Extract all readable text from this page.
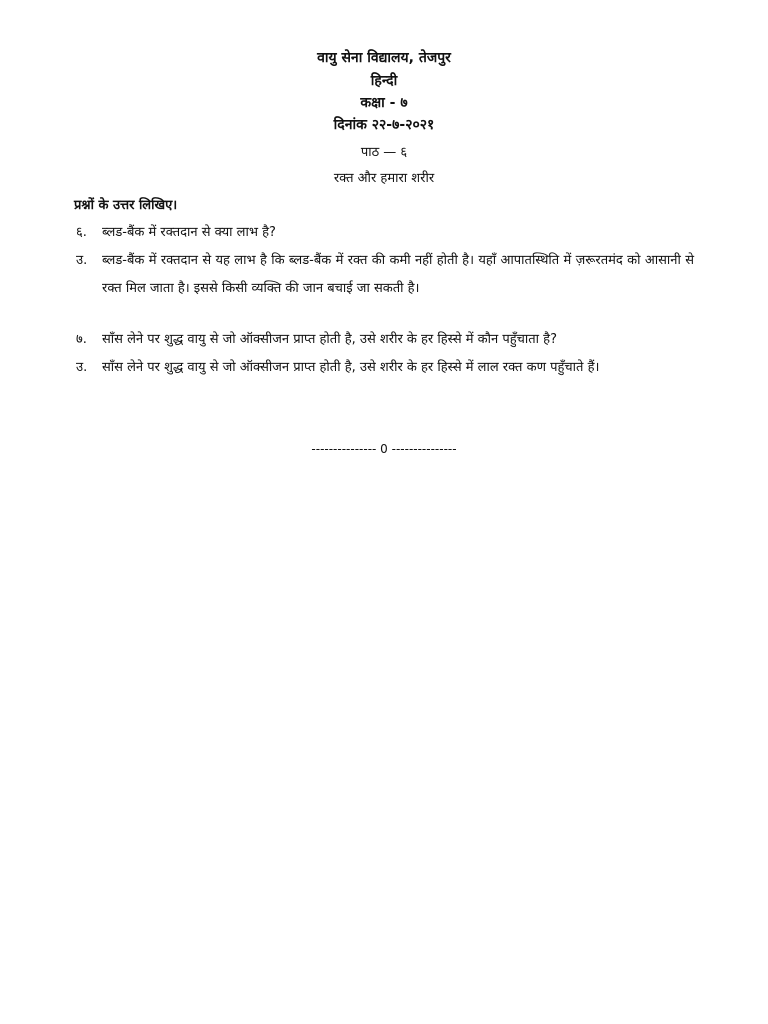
वायु सेना विद्यालय, तेजपुर
हिन्दी
कक्षा - ७
दिनांक २२-७-२०२१
पाठ — ६
रक्त और हमारा शरीर
प्रश्नों के उत्तर लिखिए।
६.	ब्लड-बैंक में रक्तदान से क्या लाभ है?
उ.	ब्लड-बैंक में रक्तदान से यह लाभ है कि ब्लड-बैंक में रक्त की कमी नहीं होती है। यहाँ आपातस्थिति में ज़रूरतमंद को आसानी से रक्त मिल जाता है। इससे किसी व्यक्ति की जान बचाई जा सकती है।
७.	साँस लेने पर शुद्ध वायु से जो ऑक्सीजन प्राप्त होती है, उसे शरीर के हर हिस्से में कौन पहुँचाता है?
उ.	साँस लेने पर शुद्ध वायु से जो ऑक्सीजन प्राप्त होती है, उसे शरीर के हर हिस्से में लाल रक्त कण पहुँचाते हैं।
--------------- 0 ---------------
